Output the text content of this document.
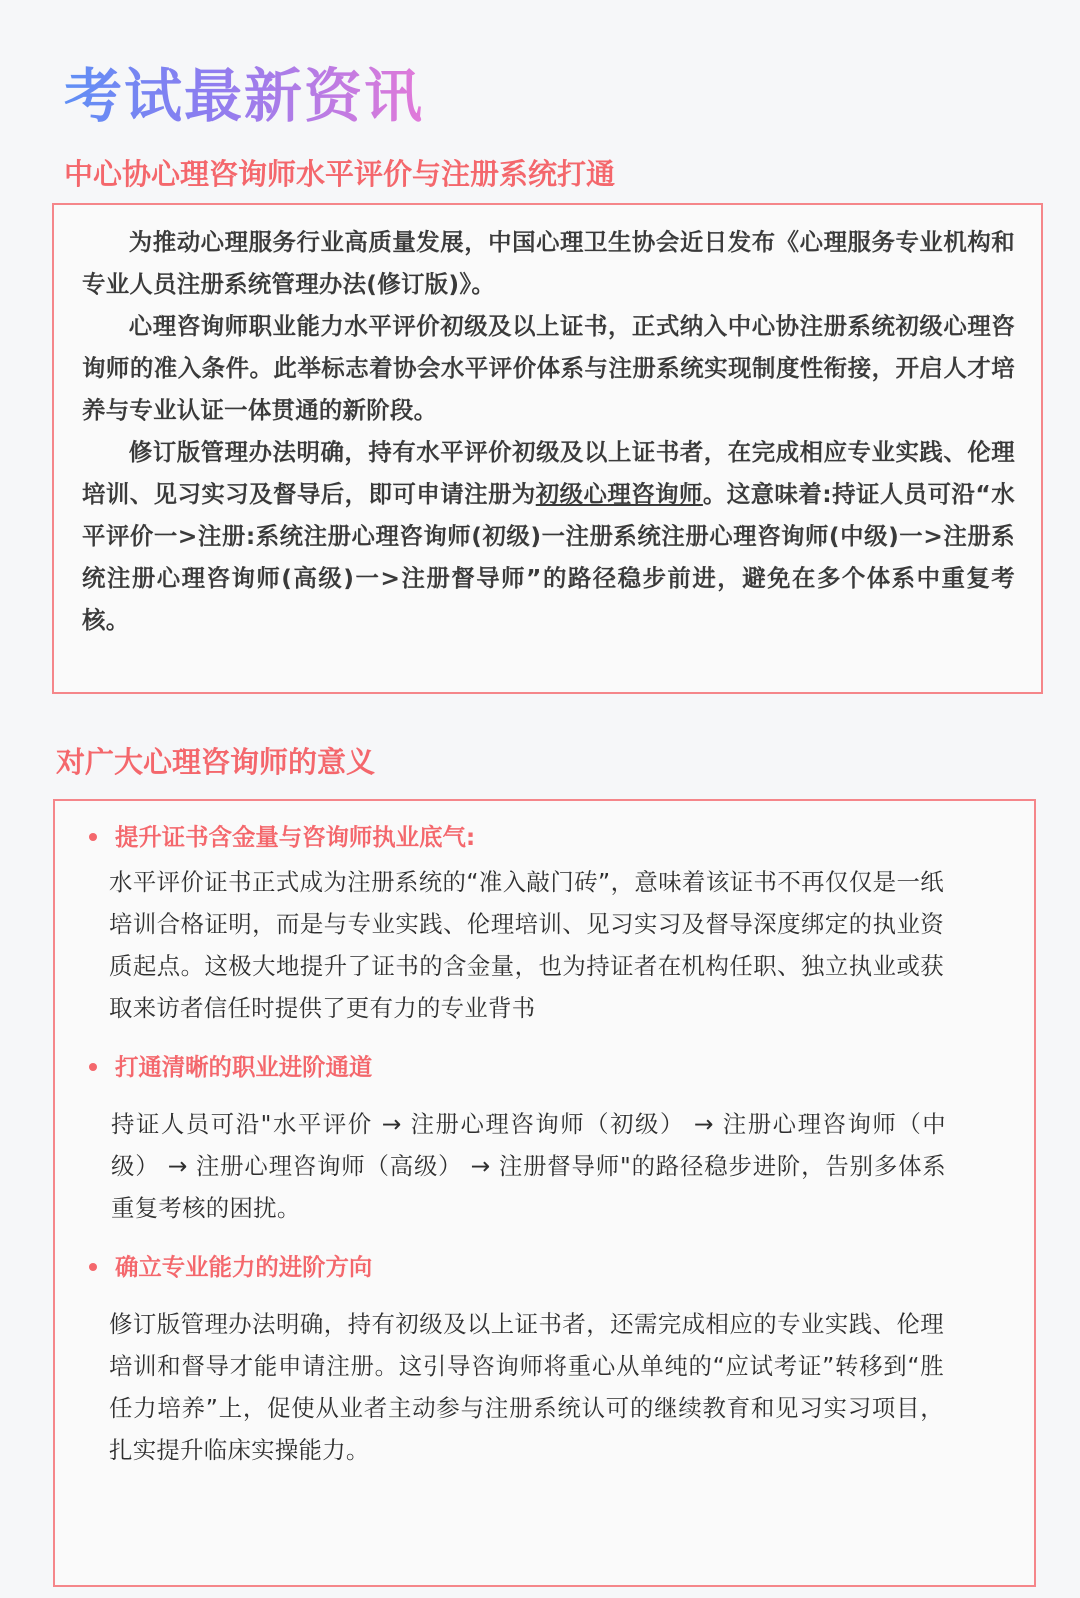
考试最新资讯
中心协心理咨询师水平评价与注册系统打通

为推动心理服务行业高质量发展，中国心理卫生协会近日发布《心理服务专业机构和专业人员注册系统管理办法(修订版)》。

心理咨询师职业能力水平评价初级及以上证书，正式纳入中心协注册系统初级心理咨询师的准入条件。此举标志着协会水平评价体系与注册系统实现制度性衔接，开启人才培养与专业认证一体贯通的新阶段。

修订版管理办法明确，持有水平评价初级及以上证书者，在完成相应专业实践、伦理培训、见习实习及督导后，即可申请注册为初级心理咨询师。这意味着:持证人员可沿“水平评价一>注册:系统注册心理咨询师(初级)一注册系统注册心理咨询师(中级)一>注册系统注册心理咨询师(高级)一>注册督导师”的路径稳步前进，避免在多个体系中重复考核。

对广大心理咨询师的意义

提升证书含金量与咨询师执业底气:

水平评价证书正式成为注册系统的“准入敲门砖”，意味着该证书不再仅仅是一纸培训合格证明，而是与专业实践、伦理培训、见习实习及督导深度绑定的执业资质起点。这极大地提升了证书的含金量，也为持证者在机构任职、独立执业或获取来访者信任时提供了更有力的专业背书

打通清晰的职业进阶通道

持证人员可沿"水平评价 → 注册心理咨询师（初级） → 注册心理咨询师（中级） → 注册心理咨询师（高级） → 注册督导师"的路径稳步进阶，告别多体系重复考核的困扰。

确立专业能力的进阶方向

修订版管理办法明确，持有初级及以上证书者，还需完成相应的专业实践、伦理培训和督导才能申请注册。这引导咨询师将重心从单纯的“应试考证”转移到“胜任力培养”上，促使从业者主动参与注册系统认可的继续教育和见习实习项目，扎实提升临床实操能力。
